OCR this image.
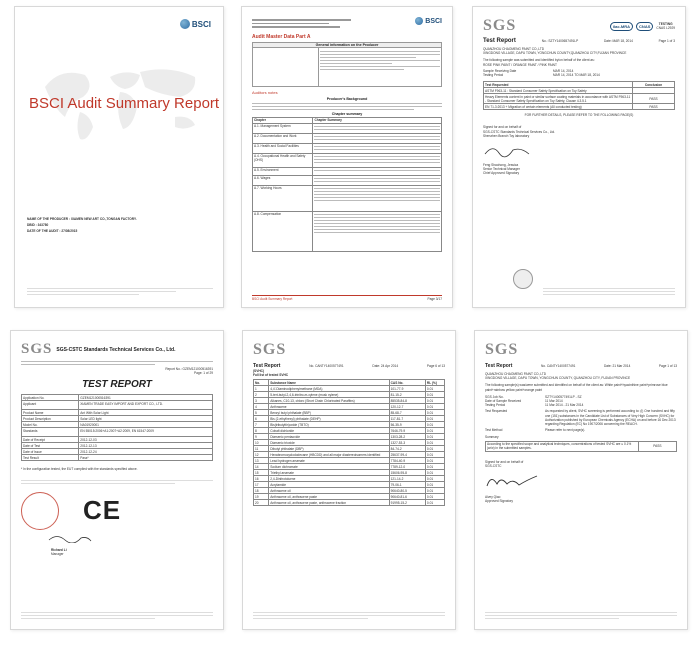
BSCI
BSCI Audit Summary Report
NAME OF THE PRODUCER : XIAMEN NEW ART CO.,TONGAN FACTORY.
DBID : 343780
DATE OF THE AUDIT : 27/08/2015
BSCI
Audit Master Data Part A
General information on the Producer
Auditors notes
Producer's Background
Chapter summary
Chapter	Chapter Summary
A.1. Management System	

A.2. Documentation and Work	

A.3. Health and Social Facilities	

A.4. Occupational Health and Safety (OHS)	

A.5. Environment	

A.6. Wages	

A.7. Working Hours	

A.8. Compensation	
BSCI Audit Summary Report	Page 3/17
SGS	ilac-MRA	CNAS	TESTING
CNAS L2929
Test Report	No.: SZTY1400657491LP	Date: MAR 18, 2014	Page 1 of 3
QUANZHOU CHAOMENG PAINT CO.,LTD
XINGDONG VILLAGE, DAPU TOWN, YONGCHUN COUNTY,QUANZHOU CITY,FUJIAN PROVINCE
The following sample was submitted and identified by/on behalf of the client as:
ROSE PINK PAINT / ORANGE PAINT / PINK PAINT
Sample Receiving Date	MAR 14, 2014
Testing Period	MAR 14, 2014 TO MAR 18, 2014
Test Requested	Conclusion
ASTM F963-11 : Standard Consumer Safety Specification on Toy Safety	
Heavy Elements content in paint or similar surface coating materials in accordance with ASTM F963-11 - Standard Consumer Safety Specification on Toy Safety, Clause 4.3.5.1	PASS
EN 71-3:2013 + Migration of certain elements (All conducted testing)	PASS
FOR FURTHER DETAILS, PLEASE REFER TO THE FOLLOWING PAGE(S)
Signed for and on behalf of
SGS-CSTC Standards Technical Services Co., Ltd.
Shenzhen Branch Toy laboratory
Feng Shaohong, Jessica
Senior Technical Manager
Chief Approved Signatory
SGS SGS-CSTC Standards Technical Services Co., Ltd.
Report No.: GZEM121000516391
Page: 1 of 29
TEST REPORT
Application No.	GZEM121000516391
Applicant	XIAMEN TRADE EASY IMPORT AND EXPORT CO., LTD.
Product Name	Ant With Solar Light
Product Description	Solar LED light
Model No.	NA01920001
Standards	EN 55015:2006+A1:2007+A2:2009, EN 61547:2009
Date of Receipt	2012-12-03
Date of Test	2012-12-13
Date of Issue	2012-12-24
Test Result	Pass*
* In the configuration tested, the EUT complied with the standards specified above.
CE
Richard Li
Manager
SGS
Test Report	No. CANTY1400577491	Date: 24 Apr 2014	Page 6 of 13
(SVHC)
Full list of tested SVHC
No.	Substance Name	CAS No.	RL (%)
1	4,4'-Diaminodiphenylmethane (MDA)	101-77-9	0.01
2	5-tert-butyl-2,4,6-trinitro-m-xylene (musk xylene)	81-15-2	0.01
3	Alkanes, C10-13, chloro (Short Chain Chlorinated Paraffins)	85535-84-8	0.01
4	Anthracene	120-12-7	0.01
5	Benzyl butyl phthalate (BBP)	85-68-7	0.01
6	Bis (2-ethylhexyl) phthalate (DEHP)	117-81-7	0.01
7	Bis(tributyltin)oxide (TBTO)	56-35-9	0.01
8	Cobalt dichloride	7646-79-9	0.01
9	Diarsenic pentaoxide	1303-28-2	0.01
10	Diarsenic trioxide	1327-53-3	0.01
11	Dibutyl phthalate (DBP)	84-74-2	0.01
12	Hexabromocyclododecane (HBCDD) and all major diastereoisomers identified	25637-99-4	0.01
13	Lead hydrogen arsenate	7784-40-9	0.01
14	Sodium dichromate	7789-12-0	0.01
15	Triethyl arsenate	15606-95-8	0.01
16	2,4-Dinitrotoluene	121-14-2	0.01
17	Acrylamide	79-06-1	0.01
18	Anthracene oil	90640-80-5	0.01
19	Anthracene oil, anthracene paste	90640-81-6	0.01
20	Anthracene oil, anthracene paste, anthracene fraction	91995-15-2	0.01
SGS
Test Report	No. CANTY1400577491	Date: 21 Mar 2014	Page 1 of 13
QUANZHOU CHAOMENG PAINT CO.,LTD
XINGDONG VILLAGE, DAPU TOWN, YONGCHUN COUNTY, QUANZHOU CITY, FUJIAN PROVINCE
The following sample(s) was/were submitted and identified on behalf of the client as: White paint+hyacinthine paint+primrose blue paint+rainbow yellow paint+orange paint
SGS Job No.	SZTY1400577491LP - SZ
Date of Sample Received	11 Mar 2014
Testing Period	11 Mar 2014 - 21 Mar 2014
Test Requested	As requested by client, SVHC screening is performed according to: (I) One hundred and fifty one (151) substances in the Candidate List of Substances of Very High Concern (SVHC) for Authorization published by European Chemicals Agency (ECHA) on and before 16 Dec 2013 regarding Regulation (EC) No 1907/2006 concerning the REACH.
Test Method	Please refer to next page(s).
Summary
According to the specified scope and analytical techniques, concentrations of tested SVHC are ≤ 0.1% (w/w) in the submitted samples.	PASS
Signed for and on behalf of
SGS-CSTC
Alvey Qiao
Approved Signatory
